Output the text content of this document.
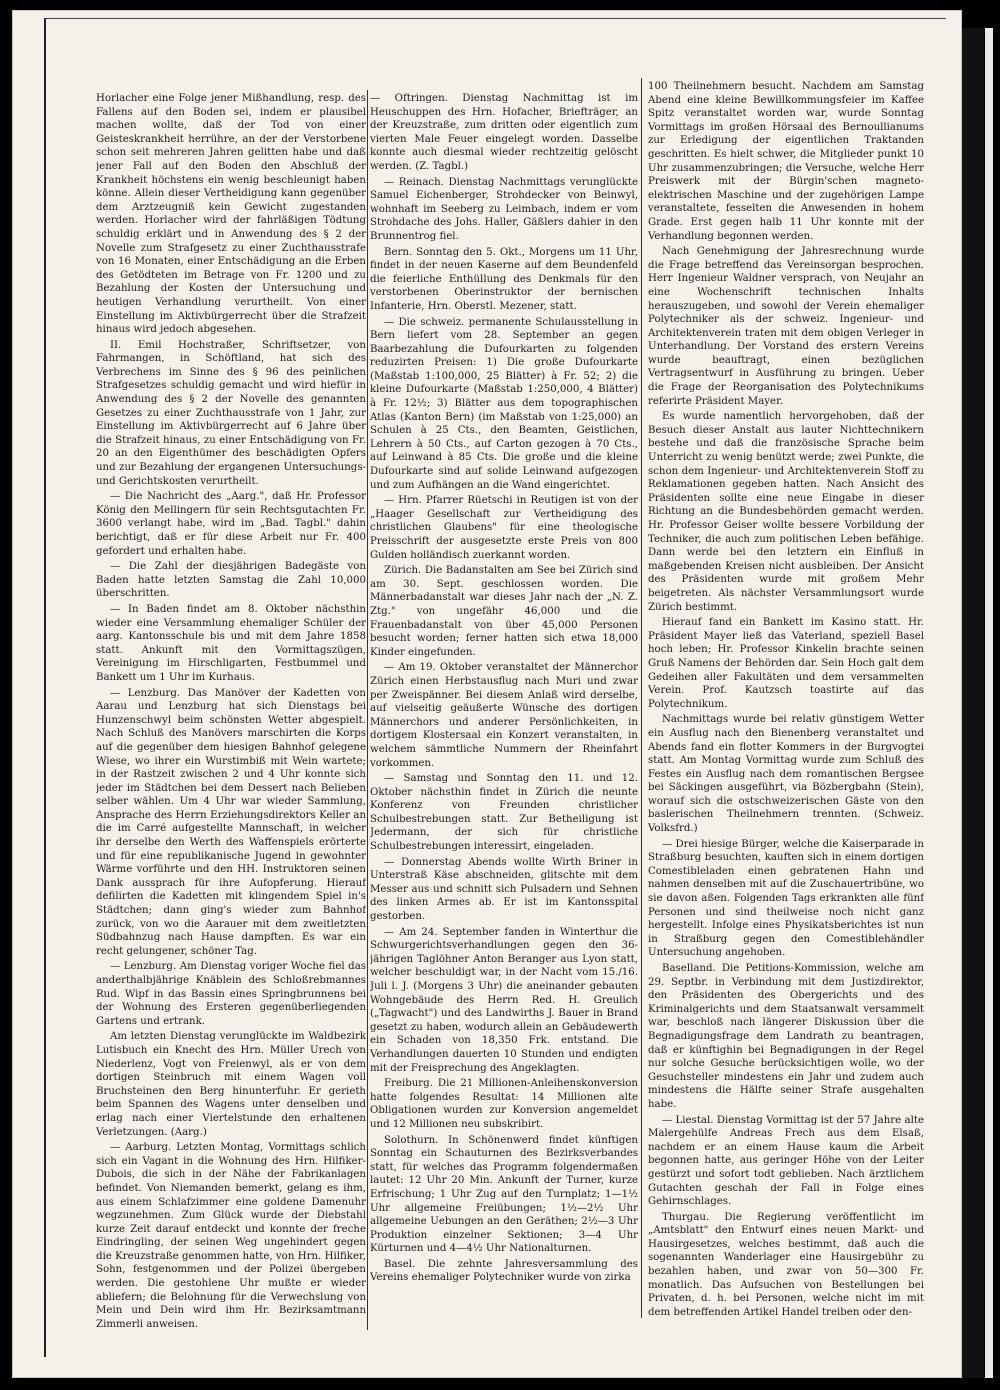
Horlacher eine Folge jener Mißhandlung, resp. des Fallens auf den Boden sei, indem er plausibel machen wollte, daß der Tod von einer Geisteskrankheit herrühre, an der der Verstorbene schon seit mehreren Jahren gelitten habe und daß jener Fall auf den Boden den Abschluß der Krankheit höchstens ein wenig beschleunigt haben könne. Allein dieser Vertheidigung kann gegenüber dem Arztzeugniß kein Gewicht zugestanden werden. Horlacher wird der fahrläßigen Tödtung schuldig erklärt und in Anwendung des § 2 der Novelle zum Strafgesetz zu einer Zuchthausstrafe von 16 Monaten, einer Entschädigung an die Erben des Getödteten im Betrage von Fr. 1200 und zu Bezahlung der Kosten der Untersuchung und heutigen Verhandlung verurtheilt. Von einer Einstellung im Aktivbürgerrecht über die Strafzeit hinaus wird jedoch abgesehen.

II. Emil Hochstraßer, Schriftsetzer, von Fahrmangen, in Schöftland, hat sich des Verbrechens im Sinne des § 96 des peinlichen Strafgesetzes schuldig gemacht und wird hiefür in Anwendung des § 2 der Novelle des genannten Gesetzes zu einer Zuchthausstrafe von 1 Jahr, zur Einstellung im Aktivbürgerrecht auf 6 Jahre über die Strafzeit hinaus, zu einer Entschädigung von Fr. 20 an den Eigenthümer des beschädigten Opfers und zur Bezahlung der ergangenen Untersuchungs- und Gerichtskosten verurtheilt.

— Die Nachricht des „Aarg.", daß Hr. Professor König den Mellingern für sein Rechtsgutachten Fr. 3600 verlangt habe, wird im „Bad. Tagbl." dahin berichtigt, daß er für diese Arbeit nur Fr. 400 gefordert und erhalten habe.

— Die Zahl der diesjährigen Badegäste von Baden hatte letzten Samstag die Zahl 10,000 überschritten.

— In Baden findet am 8. Oktober nächsthin wieder eine Versammlung ehemaliger Schüler der aarg. Kantonsschule bis und mit dem Jahre 1858 statt. Ankunft mit den Vormittagszügen, Vereinigung im Hirschligarten, Festbummel und Bankett um 1 Uhr im Kurhaus.

— Lenzburg. Das Manöver der Kadetten von Aarau und Lenzburg hat sich Dienstags bei Hunzenschwyl beim schönsten Wetter abgespielt. Nach Schluß des Manövers marschirten die Korps auf die gegenüber dem hiesigen Bahnhof gelegene Wiese, wo ihrer ein Wurstimbiß mit Wein wartete; in der Rastzeit zwischen 2 und 4 Uhr konnte sich jeder im Städtchen bei dem Dessert nach Belieben selber wählen. Um 4 Uhr war wieder Sammlung, Ansprache des Herrn Erziehungsdirektors Keller an die im Carré aufgestellte Mannschaft, in welcher ihr derselbe den Werth des Waffenspiels erörterte und für eine republikanische Jugend in gewohnter Wärme vorführte und den HH. Instruktoren seinen Dank aussprach für ihre Aufopferung. Hierauf defilirten die Kadetten mit klingendem Spiel in's Städtchen; dann ging's wieder zum Bahnhof zurück, von wo die Aarauer mit dem zweitletzten Südbahnzug nach Hause dampften. Es war ein recht gelungener, schöner Tag.

— Lenzburg. Am Dienstag voriger Woche fiel das anderthalbjährige Knäblein des Schloßrebmannes Rud. Wipf in das Bassin eines Springbrunnens bei der Wohnung des Ersteren gegenüberliegenden Gartens und ertrank.

Am letzten Dienstag verunglückte im Waldbezirk Lutisbuch ein Knecht des Hrn. Müller Urech von Niederlenz, Vogt von Freienwyl, als er von dem dortigen Steinbruch mit einem Wagen voll Bruchsteinen den Berg hinunterfuhr. Er gerieth beim Spannen des Wagens unter denselben und erlag nach einer Viertelstunde den erhaltenen Verletzungen. (Aarg.)

— Aarburg. Letzten Montag, Vormittags schlich sich ein Vagant in die Wohnung des Hrn. Hilfiker-Dubois, die sich in der Nähe der Fabrikanlagen befindet. Von Niemanden bemerkt, gelang es ihm, aus einem Schlafzimmer eine goldene Damenuhr wegzunehmen. Zum Glück wurde der Diebstahl kurze Zeit darauf entdeckt und konnte der freche Eindringling, der seinen Weg ungehindert gegen die Kreuzstraße genommen hatte, von Hrn. Hilfiker, Sohn, festgenommen und der Polizei übergeben werden. Die gestohlene Uhr mußte er wieder abliefern; die Belohnung für die Verwechslung von Mein und Dein wird ihm Hr. Bezirksamtmann Zimmerli anweisen.

— Oftringen. Dienstag Nachmittag ist im Heuschuppen des Hrn. Hofacher, Briefträger, an der Kreuzstraße, zum dritten oder eigentlich zum vierten Male Feuer eingelegt worden. Dasselbe konnte auch diesmal wieder rechtzeitig gelöscht werden. (Z. Tagbl.)

— Reinach. Dienstag Nachmittags verunglückte Samuel Eichenberger, Strohdecker von Beinwyl, wohnhaft im Seeberg zu Leimbach, indem er vom Strohdache des Johs. Haller, Gäßlers dahier in den Brunnentrog fiel.

Bern. Sonntag den 5. Okt., Morgens um 11 Uhr, findet in der neuen Kaserne auf dem Beundenfeld die feierliche Enthüllung des Denkmals für den verstorbenen Oberinstruktor der bernischen Infanterie, Hrn. Oberstl. Mezener, statt.

— Die schweiz. permanente Schulausstellung in Bern liefert vom 28. September an gegen Baarbezahlung die Dufourkarten zu folgenden reduzirten Preisen: 1) Die große Dufourkarte (Maßstab 1:100,000, 25 Blätter) à Fr. 52; 2) die kleine Dufourkarte (Maßstab 1:250,000, 4 Blätter) à Fr. 12½; 3) Blätter aus dem topographischen Atlas (Kanton Bern) (im Maßstab von 1:25,000) an Schulen à 25 Cts., den Beamten, Geistlichen, Lehrern à 50 Cts., auf Carton gezogen à 70 Cts., auf Leinwand à 85 Cts. Die große und die kleine Dufourkarte sind auf solide Leinwand aufgezogen und zum Aufhängen an die Wand eingerichtet.

— Hrn. Pfarrer Rüetschi in Reutigen ist von der „Haager Gesellschaft zur Vertheidigung des christlichen Glaubens" für eine theologische Preisschrift der ausgesetzte erste Preis von 800 Gulden holländisch zuerkannt worden.

Zürich. Die Badanstalten am See bei Zürich sind am 30. Sept. geschlossen worden. Die Männerbadanstalt war dieses Jahr nach der „N. Z. Ztg." von ungefähr 46,000 und die Frauenbadanstalt von über 45,000 Personen besucht worden; ferner hatten sich etwa 18,000 Kinder eingefunden.

— Am 19. Oktober veranstaltet der Männerchor Zürich einen Herbstausflug nach Muri und zwar per Zweispänner. Bei diesem Anlaß wird derselbe, auf vielseitig geäußerte Wünsche des dortigen Männerchors und anderer Persönlichkeiten, in dortigem Klostersaal ein Konzert veranstalten, in welchem sämmtliche Nummern der Rheinfahrt vorkommen.

— Samstag und Sonntag den 11. und 12. Oktober nächsthin findet in Zürich die neunte Konferenz von Freunden christlicher Schulbestrebungen statt. Zur Betheiligung ist Jedermann, der sich für christliche Schulbestrebungen interessirt, eingeladen.

— Donnerstag Abends wollte Wirth Briner in Unterstraß Käse abschneiden, glitschte mit dem Messer aus und schnitt sich Pulsadern und Sehnen des linken Armes ab. Er ist im Kantonsspital gestorben.

— Am 24. September fanden in Winterthur die Schwurgerichtsverhandlungen gegen den 36-jährigen Taglöhner Anton Beranger aus Lyon statt, welcher beschuldigt war, in der Nacht vom 15./16. Juli l. J. (Morgens 3 Uhr) die aneinander gebauten Wohngebäude des Herrn Red. H. Greulich („Tagwacht") und des Landwirths J. Bauer in Brand gesetzt zu haben, wodurch allein an Gebäudewerth ein Schaden von 18,350 Frk. entstand. Die Verhandlungen dauerten 10 Stunden und endigten mit der Freisprechung des Angeklagten.

Freiburg. Die 21 Millionen-Anleihenskonversion hatte folgendes Resultat: 14 Millionen alte Obligationen wurden zur Konversion angemeldet und 12 Millionen neu subskribirt.

Solothurn. In Schönenwerd findet künftigen Sonntag ein Schauturnen des Bezirksverbandes statt, für welches das Programm folgendermaßen lautet: 12 Uhr 20 Min. Ankunft der Turner, kurze Erfrischung; 1 Uhr Zug auf den Turnplatz; 1—1½ Uhr allgemeine Freiübungen; 1½—2½ Uhr allgemeine Uebungen an den Geräthen; 2½—3 Uhr Produktion einzelner Sektionen; 3—4 Uhr Kürturnen und 4—4½ Uhr Nationalturnen.

Basel. Die zehnte Jahresversammlung des Vereins ehemaliger Polytechniker wurde von zirka

100 Theilnehmern besucht. Nachdem am Samstag Abend eine kleine Bewillkommungsfeier im Kaffee Spitz veranstaltet worden war, wurde Sonntag Vormittags im großen Hörsaal des Bernoullianums zur Erledigung der eigentlichen Traktanden geschritten. Es hielt schwer, die Mitglieder punkt 10 Uhr zusammenzubringen; die Versuche, welche Herr Preiswerk mit der Bürgin'schen magneto-elektrischen Maschine und der zugehörigen Lampe veranstaltete, fesselten die Anwesenden in hohem Grade. Erst gegen halb 11 Uhr konnte mit der Verhandlung begonnen werden.

Nach Genehmigung der Jahresrechnung wurde die Frage betreffend das Vereinsorgan besprochen. Herr Ingenieur Waldner versprach, von Neujahr an eine Wochenschrift technischen Inhalts herauszugeben, und sowohl der Verein ehemaliger Polytechniker als der schweiz. Ingenieur- und Architektenverein traten mit dem obigen Verleger in Unterhandlung. Der Vorstand des erstern Vereins wurde beauftragt, einen bezüglichen Vertragsentwurf in Ausführung zu bringen. Ueber die Frage der Reorganisation des Polytechnikums referirte Präsident Mayer.

Es wurde namentlich hervorgehoben, daß der Besuch dieser Anstalt aus lauter Nichttechnikern bestehe und daß die französische Sprache beim Unterricht zu wenig benützt werde; zwei Punkte, die schon dem Ingenieur- und Architektenverein Stoff zu Reklamationen gegeben hatten. Nach Ansicht des Präsidenten sollte eine neue Eingabe in dieser Richtung an die Bundesbehörden gemacht werden. Hr. Professor Geiser wollte bessere Vorbildung der Techniker, die auch zum politischen Leben befähige. Dann werde bei den letztern ein Einfluß in maßgebenden Kreisen nicht ausbleiben. Der Ansicht des Präsidenten wurde mit großem Mehr beigetreten. Als nächster Versammlungsort wurde Zürich bestimmt.

Hierauf fand ein Bankett im Kasino statt. Hr. Präsident Mayer ließ das Vaterland, speziell Basel hoch leben; Hr. Professor Kinkelin brachte seinen Gruß Namens der Behörden dar. Sein Hoch galt dem Gedeihen aller Fakultäten und dem versammelten Verein. Prof. Kautzsch toastirte auf das Polytechnikum.

Nachmittags wurde bei relativ günstigem Wetter ein Ausflug nach den Bienenberg veranstaltet und Abends fand ein flotter Kommers in der Burgvogtei statt. Am Montag Vormittag wurde zum Schluß des Festes ein Ausflug nach dem romantischen Bergsee bei Säckingen ausgeführt, via Bözbergbahn (Stein), worauf sich die ostschweizerischen Gäste von den baslerischen Theilnehmern trennten. (Schweiz. Volksfrd.)

— Drei hiesige Bürger, welche die Kaiserparade in Straßburg besuchten, kauften sich in einem dortigen Comestibleladen einen gebratenen Hahn und nahmen denselben mit auf die Zuschauertribüne, wo sie davon aßen. Folgenden Tags erkrankten alle fünf Personen und sind theilweise noch nicht ganz hergestellt. Infolge eines Physikatsberichtes ist nun in Straßburg gegen den Comestiblehändler Untersuchung angehoben.

Baselland. Die Petitions-Kommission, welche am 29. Septbr. in Verbindung mit dem Justizdirektor, den Präsidenten des Obergerichts und des Kriminalgerichts und dem Staatsanwalt versammelt war, beschloß nach längerer Diskussion über die Begnadigungsfrage dem Landrath zu beantragen, daß er künftighin bei Begnadigungen in der Regel nur solche Gesuche berücksichtigen wolle, wo der Gesuchsteller mindestens ein Jahr und zudem auch mindestens die Hälfte seiner Strafe ausgehalten habe.

— Liestal. Dienstag Vormittag ist der 57 Jahre alte Malergehülfe Andreas Frech aus dem Elsaß, nachdem er an einem Hause kaum die Arbeit begonnen hatte, aus geringer Höhe von der Leiter gestürzt und sofort todt geblieben. Nach ärztlichem Gutachten geschah der Fall in Folge eines Gehirnschlages.

Thurgau. Die Regierung veröffentlicht im „Amtsblatt" den Entwurf eines neuen Markt- und Hausirgesetzes, welches bestimmt, daß auch die sogenannten Wanderlager eine Hausirgebühr zu bezahlen haben, und zwar von 50—300 Fr. monatlich. Das Aufsuchen von Bestellungen bei Privaten, d. h. bei Personen, welche nicht im mit dem betreffenden Artikel Handel treiben oder den-
